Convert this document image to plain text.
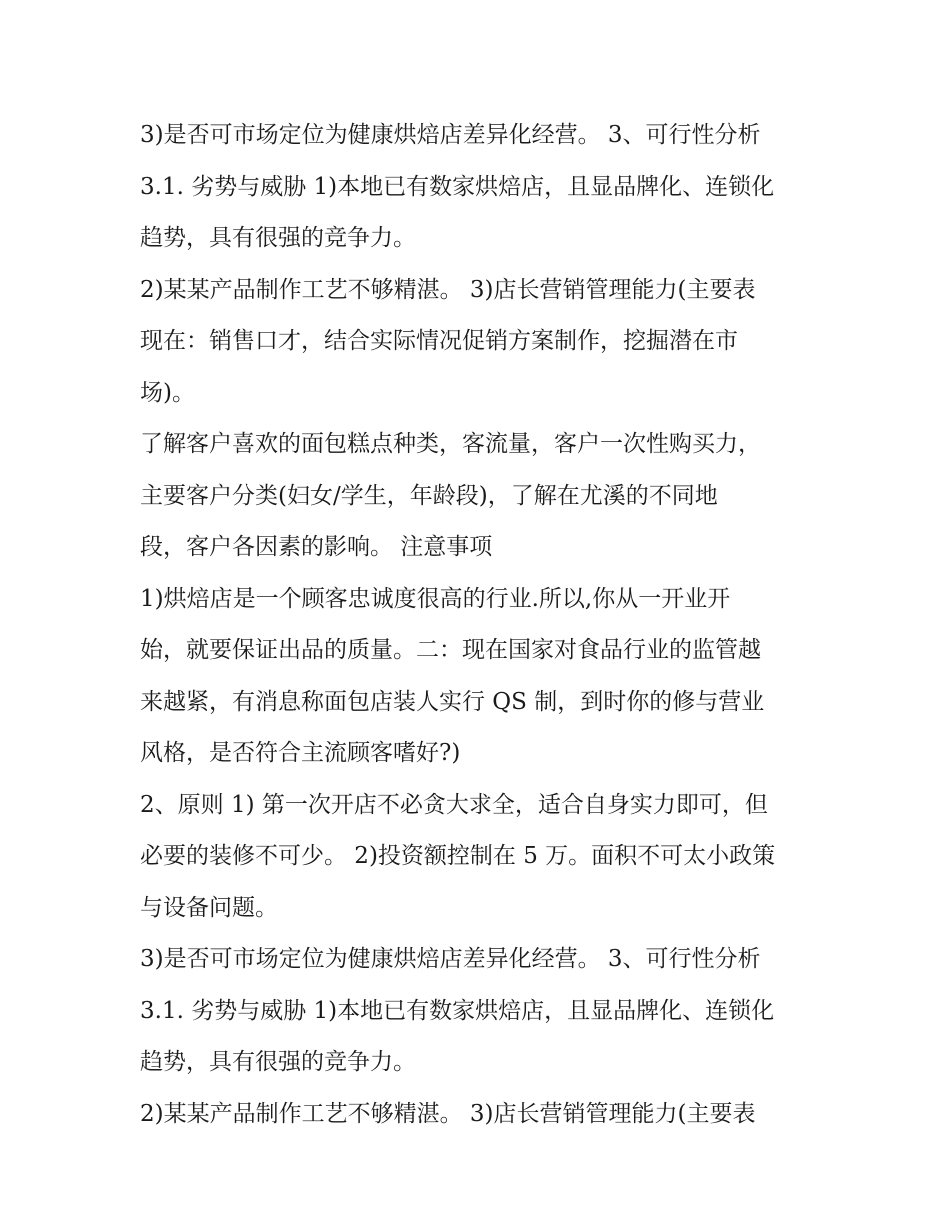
3)是否可市场定位为健康烘焙店差异化经营。 3、可行性分析
3.1. 劣势与威胁 1)本地已有数家烘焙店，且显品牌化、连锁化
趋势，具有很强的竞争力。
2)某某产品制作工艺不够精湛。 3)店长营销管理能力(主要表
现在：销售口才，结合实际情况促销方案制作，挖掘潜在市
场)。
了解客户喜欢的面包糕点种类，客流量，客户一次性购买力，
主要客户分类(妇女/学生，年龄段)，了解在尤溪的不同地
段，客户各因素的影响。 注意事项
1)烘焙店是一个顾客忠诚度很高的行业.所以,你从一开业开
始，就要保证出品的质量。二：现在国家对食品行业的监管越
来越紧，有消息称面包店装人实行 QS 制，到时你的修与营业
风格，是否符合主流顾客嗜好?)
2、原则 1) 第一次开店不必贪大求全，适合自身实力即可，但
必要的装修不可少。 2)投资额控制在 5 万。面积不可太小政策
与设备问题。
3)是否可市场定位为健康烘焙店差异化经营。 3、可行性分析
3.1. 劣势与威胁 1)本地已有数家烘焙店，且显品牌化、连锁化
趋势，具有很强的竞争力。
2)某某产品制作工艺不够精湛。 3)店长营销管理能力(主要表
